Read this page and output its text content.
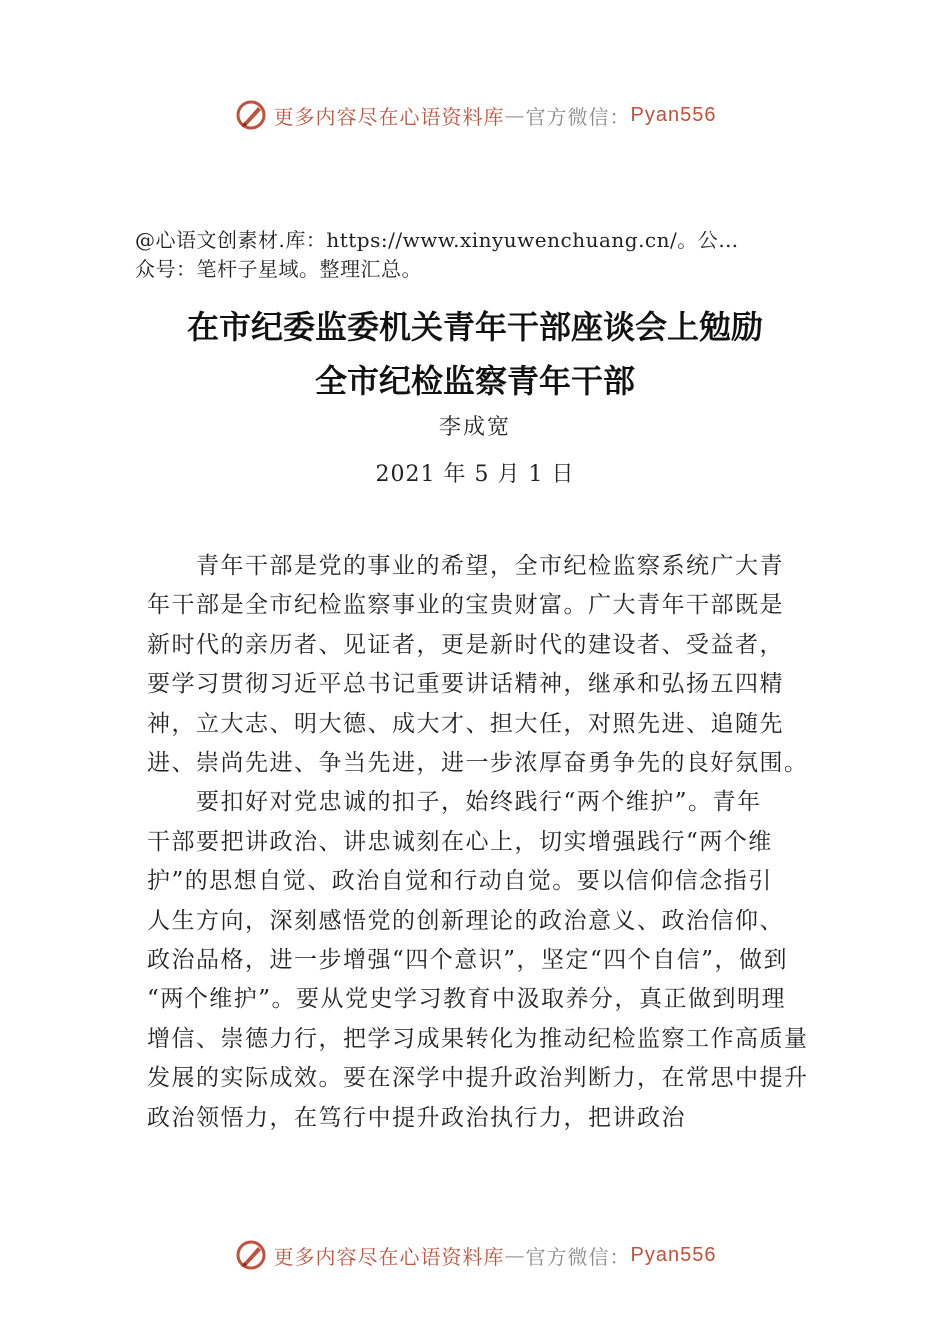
更多内容尽在心语资料库 — 官方微信： Pyan556
@心语文创素材.库：https://www.xinyuwenchuang.cn/。公…
众号：笔杆子星域。整理汇总。
在市纪委监委机关青年干部座谈会上勉励
全市纪检监察青年干部
李成宽
2021 年 5 月 1 日
　　青年干部是党的事业的希望，全市纪检监察系统广大青
年干部是全市纪检监察事业的宝贵财富。广大青年干部既是
新时代的亲历者、见证者，更是新时代的建设者、受益者，
要学习贯彻习近平总书记重要讲话精神，继承和弘扬五四精
神，立大志、明大德、成大才、担大任，对照先进、追随先
进、崇尚先进、争当先进，进一步浓厚奋勇争先的良好氛围。
　　要扣好对党忠诚的扣子，始终践行“两个维护”。青年
干部要把讲政治、讲忠诚刻在心上，切实增强践行“两个维
护”的思想自觉、政治自觉和行动自觉。要以信仰信念指引
人生方向，深刻感悟党的创新理论的政治意义、政治信仰、
政治品格，进一步增强“四个意识”，坚定“四个自信”，做到
“两个维护”。要从党史学习教育中汲取养分，真正做到明理
增信、崇德力行，把学习成果转化为推动纪检监察工作高质量
发展的实际成效。要在深学中提升政治判断力，在常思中提升
政治领悟力，在笃行中提升政治执行力，把讲政治
更多内容尽在心语资料库 — 官方微信： Pyan556
